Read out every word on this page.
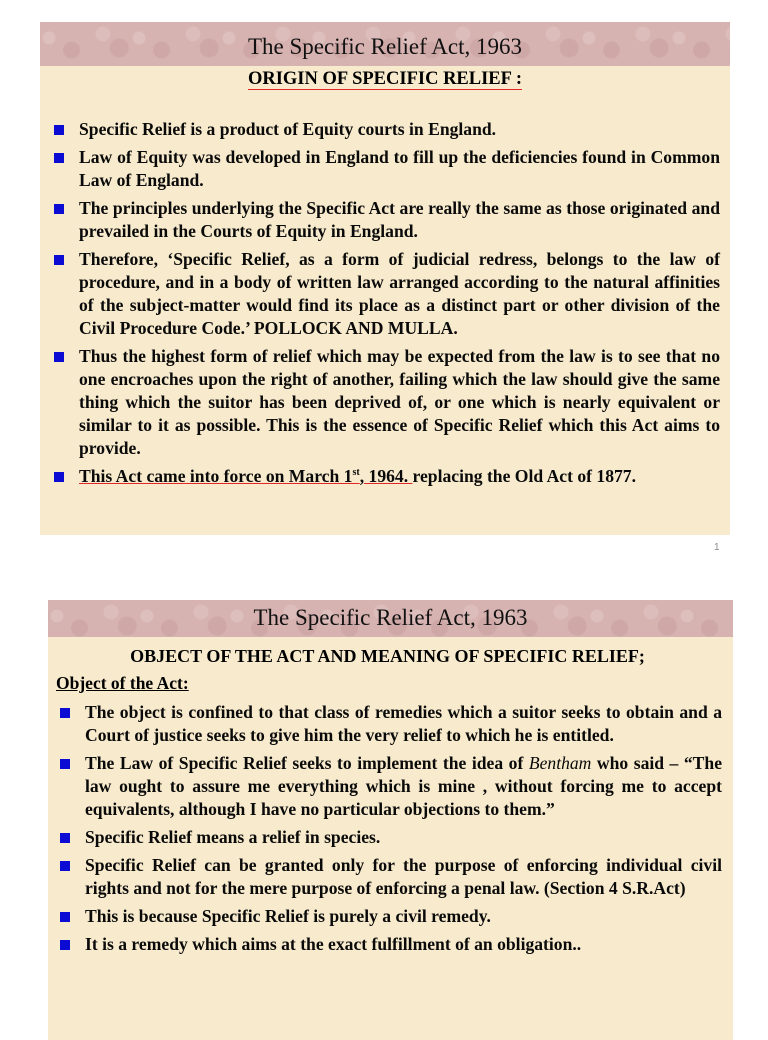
The Specific Relief Act, 1963
ORIGIN OF SPECIFIC RELIEF :
Specific Relief is a product of Equity courts in England.
Law of Equity was developed in England to fill up the deficiencies found in Common Law of England.
The principles underlying the Specific Act are really the same as those originated and prevailed in the Courts of Equity in England.
Therefore, ‘Specific Relief, as a form of judicial redress, belongs to the law of procedure, and in a body of written law arranged according to the natural affinities of the subject-matter would find its place as a distinct part or other division of the Civil Procedure Code.’ POLLOCK AND MULLA.
Thus the highest form of relief which may be expected from the law is to see that no one encroaches upon the right of another, failing which the law should give the same thing which the suitor has been deprived of, or one which is nearly equivalent or similar to it as possible. This is the essence of Specific Relief which this Act aims to provide.
This Act came into force on March 1st, 1964. replacing the Old Act of 1877.
1
The Specific Relief Act, 1963
OBJECT OF THE ACT AND MEANING OF SPECIFIC RELIEF;
Object of the Act:
The object is confined to that class of remedies which a suitor seeks to obtain and a Court of justice seeks to give him the very relief to which he is entitled.
The Law of Specific Relief seeks to implement the idea of Bentham who said – “The law ought to assure me everything which is mine , without forcing me to accept equivalents, although I have no particular objections to them.”
Specific Relief means a relief in species.
Specific Relief can be granted only for the purpose of enforcing individual civil rights and not for the mere purpose of enforcing a penal law. (Section 4 S.R.Act)
This is because Specific Relief is purely a civil remedy.
It is a remedy which aims at the exact fulfillment of an obligation..
